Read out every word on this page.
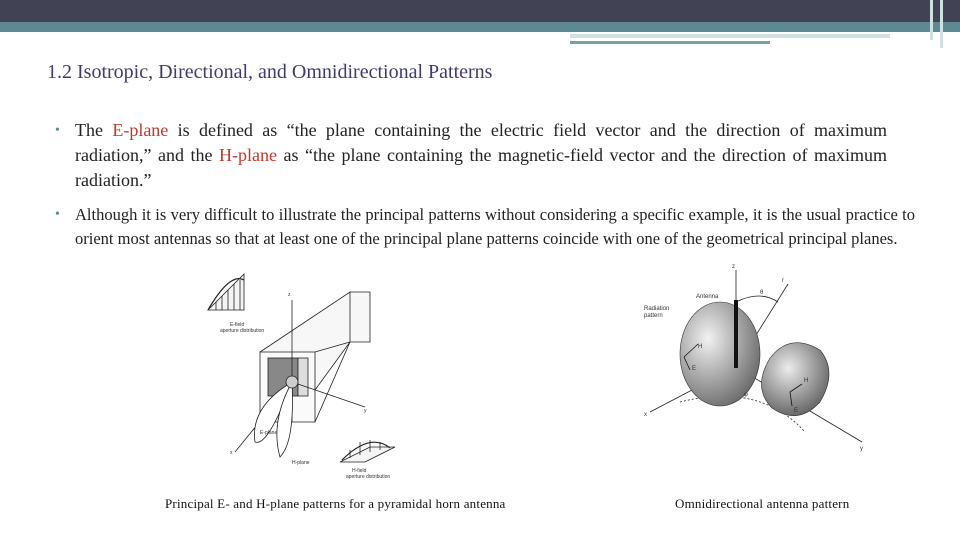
1.2 Isotropic, Directional, and Omnidirectional Patterns
• The E-plane is defined as “the plane containing the electric field vector and the direction of maximum radiation,” and the H-plane as “the plane containing the magnetic-field vector and the direction of maximum radiation.”
• Although it is very difficult to illustrate the principal patterns without considering a specific example, it is the usual practice to orient most antennas so that at least one of the principal plane patterns coincide with one of the geometrical principal planes.
E-field
aperture distribution
z
y
x
E-plane
H-plane
H-field
aperture distribution
z
Antenna
Radiation
pattern
H
E
H
E
r
θ
φ
x
y
Principal E- and H-plane patterns for a pyramidal horn antenna	Omnidirectional antenna pattern
